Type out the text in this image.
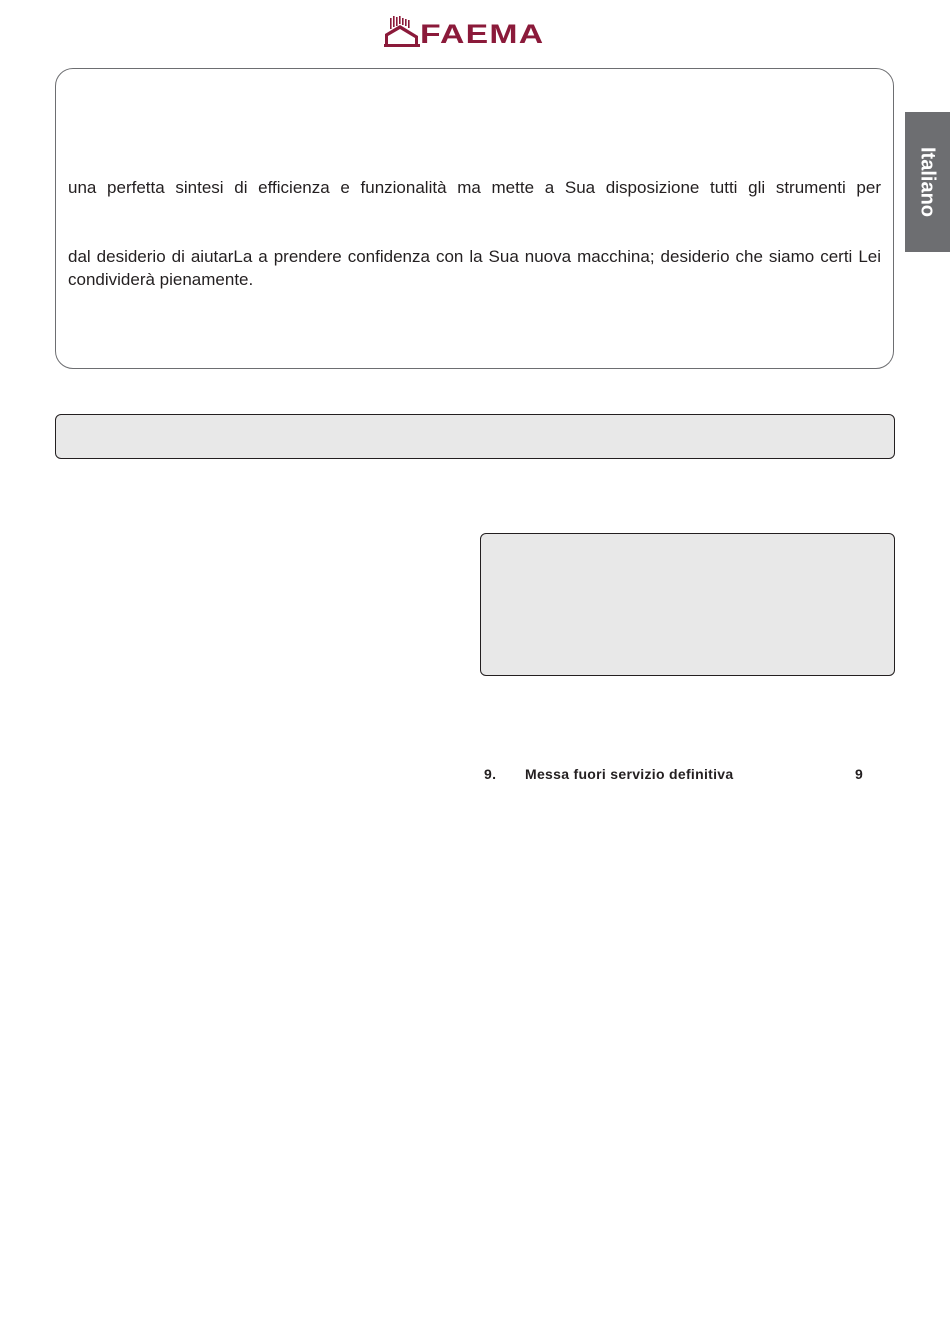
FAEMA

una perfetta sintesi di efficienza e funzionalità ma mette a Sua disposizione tutti gli strumenti per

dal desiderio di aiutarLa a prendere confidenza con la Sua nuova macchina; desiderio che siamo certi Lei condividerà pienamente.

Italiano
9. Messa fuori servizio definitiva	9
